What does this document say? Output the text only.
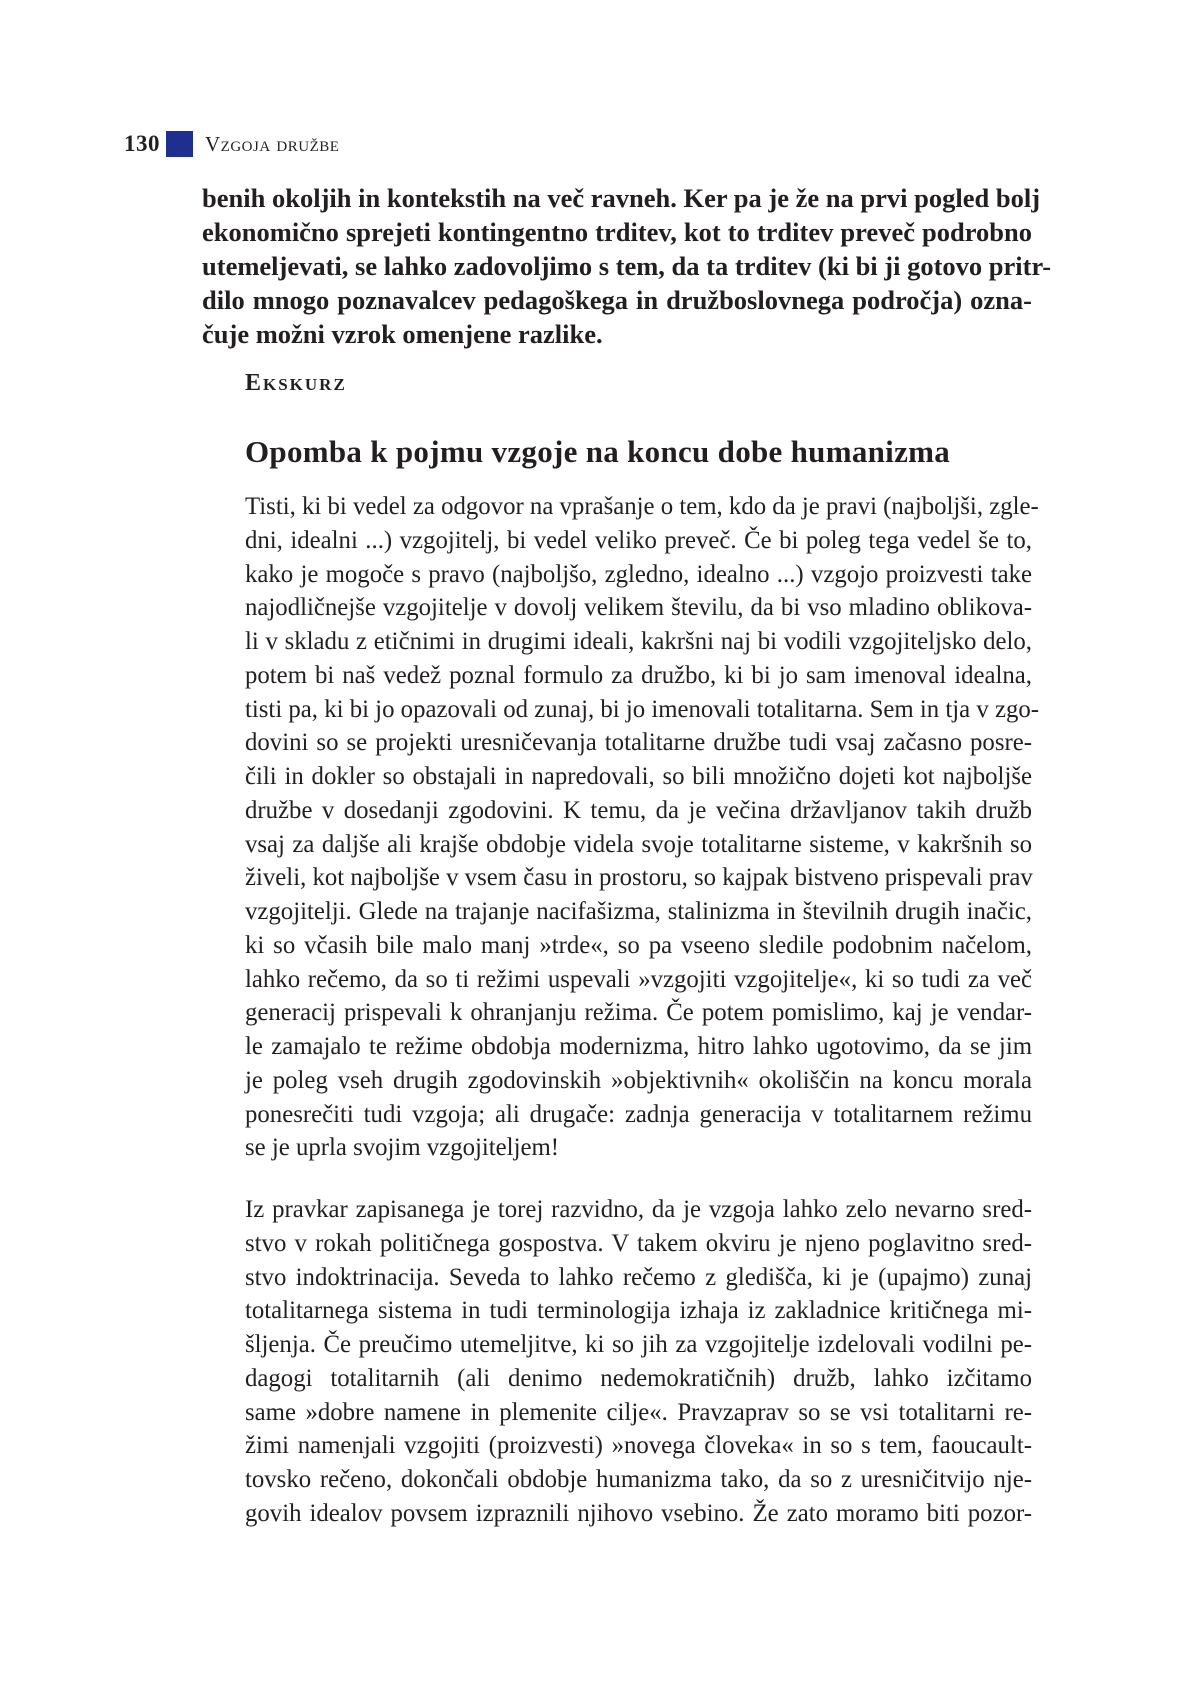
130 Vzgoja družbe
benih okoljih in kontekstih na več ravneh. Ker pa je že na prvi pogled bolj
ekonomično sprejeti kontingentno trditev, kot to trditev preveč podrobno
utemeljevati, se lahko zadovoljimo s tem, da ta trditev (ki bi ji gotovo pritr-
dilo mnogo poznavalcev pedagoškega in družboslovnega področja) ozna-
čuje možni vzrok omenjene razlike.
Ekskurz
Opomba k pojmu vzgoje na koncu dobe humanizma
Tisti, ki bi vedel za odgovor na vprašanje o tem, kdo da je pravi (najboljši, zgle-
dni, idealni ...) vzgojitelj, bi vedel veliko preveč. Če bi poleg tega vedel še to,
kako je mogoče s pravo (najboljšo, zgledno, idealno ...) vzgojo proizvesti take
najodličnejše vzgojitelje v dovolj velikem številu, da bi vso mladino oblikova-
li v skladu z etičnimi in drugimi ideali, kakršni naj bi vodili vzgojiteljsko delo,
potem bi naš vedež poznal formulo za družbo, ki bi jo sam imenoval idealna,
tisti pa, ki bi jo opazovali od zunaj, bi jo imenovali totalitarna. Sem in tja v zgo-
dovini so se projekti uresničevanja totalitarne družbe tudi vsaj začasno posre-
čili in dokler so obstajali in napredovali, so bili množično dojeti kot najboljše
družbe v dosedanji zgodovini. K temu, da je večina državljanov takih družb
vsaj za daljše ali krajše obdobje videla svoje totalitarne sisteme, v kakršnih so
živeli, kot najboljše v vsem času in prostoru, so kajpak bistveno prispevali prav
vzgojitelji. Glede na trajanje nacifašizma, stalinizma in številnih drugih inačic,
ki so včasih bile malo manj »trde«, so pa vseeno sledile podobnim načelom,
lahko rečemo, da so ti režimi uspevali »vzgojiti vzgojitelje«, ki so tudi za več
generacij prispevali k ohranjanju režima. Če potem pomislimo, kaj je vendar-
le zamajalo te režime obdobja modernizma, hitro lahko ugotovimo, da se jim
je poleg vseh drugih zgodovinskih »objektivnih« okoliščin na koncu morala
ponesrečiti tudi vzgoja; ali drugače: zadnja generacija v totalitarnem režimu
se je uprla svojim vzgojiteljem!
Iz pravkar zapisanega je torej razvidno, da je vzgoja lahko zelo nevarno sred-
stvo v rokah političnega gospostva. V takem okviru je njeno poglavitno sred-
stvo indoktrinacija. Seveda to lahko rečemo z gledišča, ki je (upajmo) zunaj
totalitarnega sistema in tudi terminologija izhaja iz zakladnice kritičnega mi-
šljenja. Če preučimo utemeljitve, ki so jih za vzgojitelje izdelovali vodilni pe-
dagogi totalitarnih (ali denimo nedemokratičnih) družb, lahko izčitamo
same »dobre namene in plemenite cilje«. Pravzaprav so se vsi totalitarni re-
žimi namenjali vzgojiti (proizvesti) »novega človeka« in so s tem, faoucault-
tovsko rečeno, dokončali obdobje humanizma tako, da so z uresničitvijo nje-
govih idealov povsem izpraznili njihovo vsebino. Že zato moramo biti pozor-
